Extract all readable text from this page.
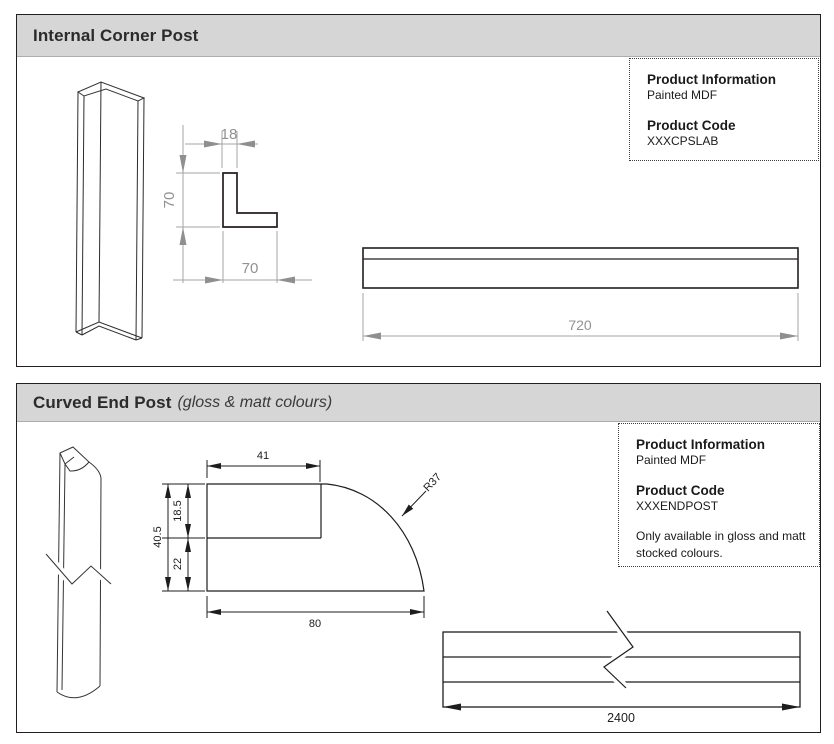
Internal Corner Post
18
70
70
720
Product Information
Painted MDF
Product Code
XXXCPSLAB
Curved End Post (gloss & matt colours)
41
40.5
18.5
22
80
R37
2400
Product Information
Painted MDF
Product Code
XXXENDPOST
Only available in gloss and matt stocked colours.
